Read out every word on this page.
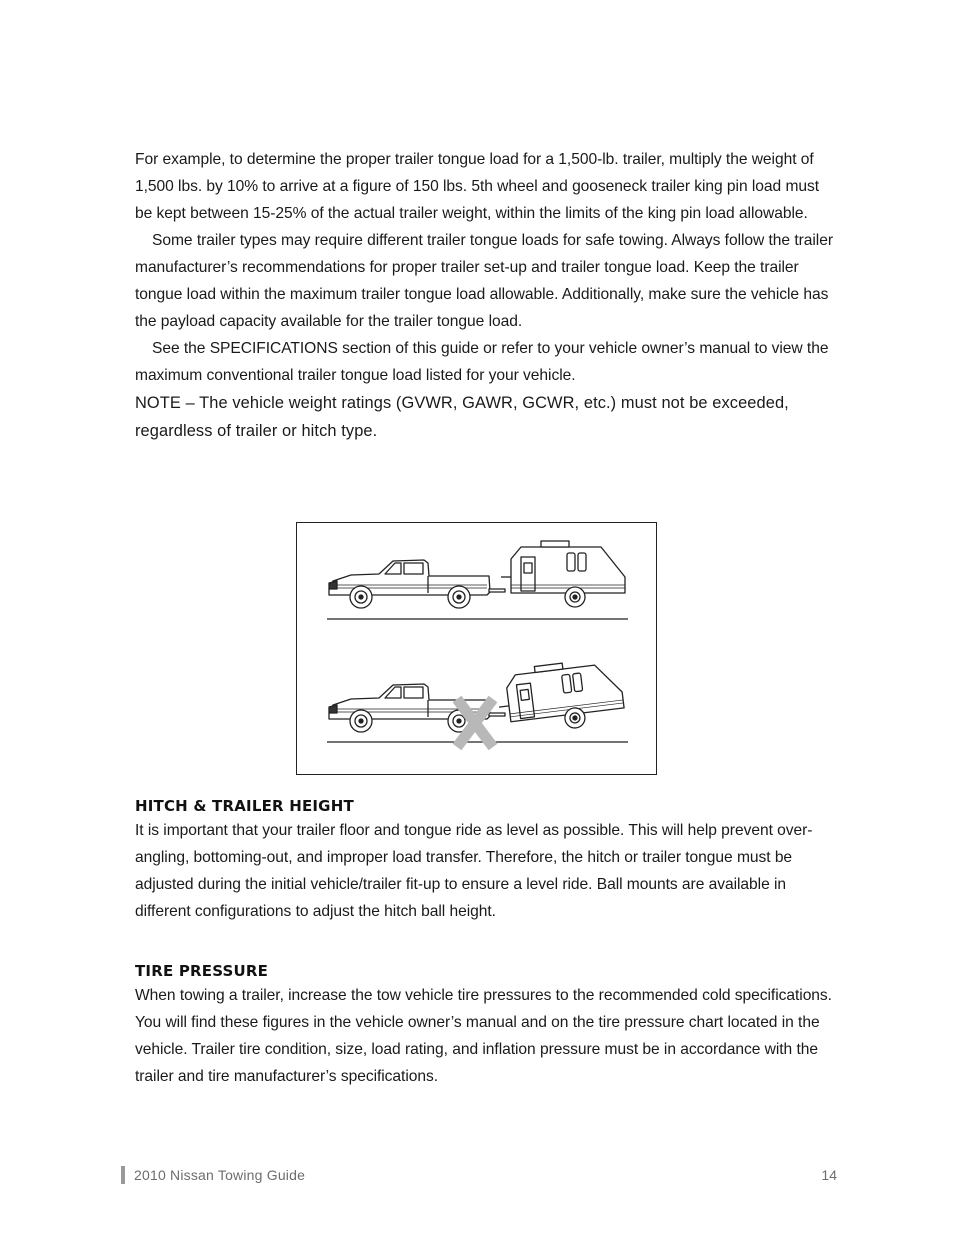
For example, to determine the proper trailer tongue load for a 1,500-lb. trailer, multiply the weight of 1,500 lbs. by 10% to arrive at a figure of 150 lbs. 5th wheel and gooseneck trailer king pin load must be kept between 15-25% of the actual trailer weight, within the limits of the king pin load allowable.

Some trailer types may require different trailer tongue loads for safe towing. Always follow the trailer manufacturer’s recommendations for proper trailer set-up and trailer tongue load. Keep the trailer tongue load within the maximum trailer tongue load allowable. Additionally, make sure the vehicle has the payload capacity available for the trailer tongue load.

See the SPECIFICATIONS section of this guide or refer to your vehicle owner’s manual to view the maximum conventional trailer tongue load listed for your vehicle.

NOTE – The vehicle weight ratings (GVWR, GAWR, GCWR, etc.) must not be exceeded, regardless of trailer or hitch type.

HITCH & TRAILER HEIGHT

It is important that your trailer floor and tongue ride as level as possible. This will help prevent over-angling, bottoming-out, and improper load transfer. Therefore, the hitch or trailer tongue must be adjusted during the initial vehicle/trailer fit-up to ensure a level ride. Ball mounts are available in different configurations to adjust the hitch ball height.

TIRE PRESSURE

When towing a trailer, increase the tow vehicle tire pressures to the recommended cold specifications. You will find these figures in the vehicle owner’s manual and on the tire pressure chart located in the vehicle. Trailer tire condition, size, load rating, and inflation pressure must be in accordance with the trailer and tire manufacturer’s specifications.

2010 Nissan Towing Guide	14
